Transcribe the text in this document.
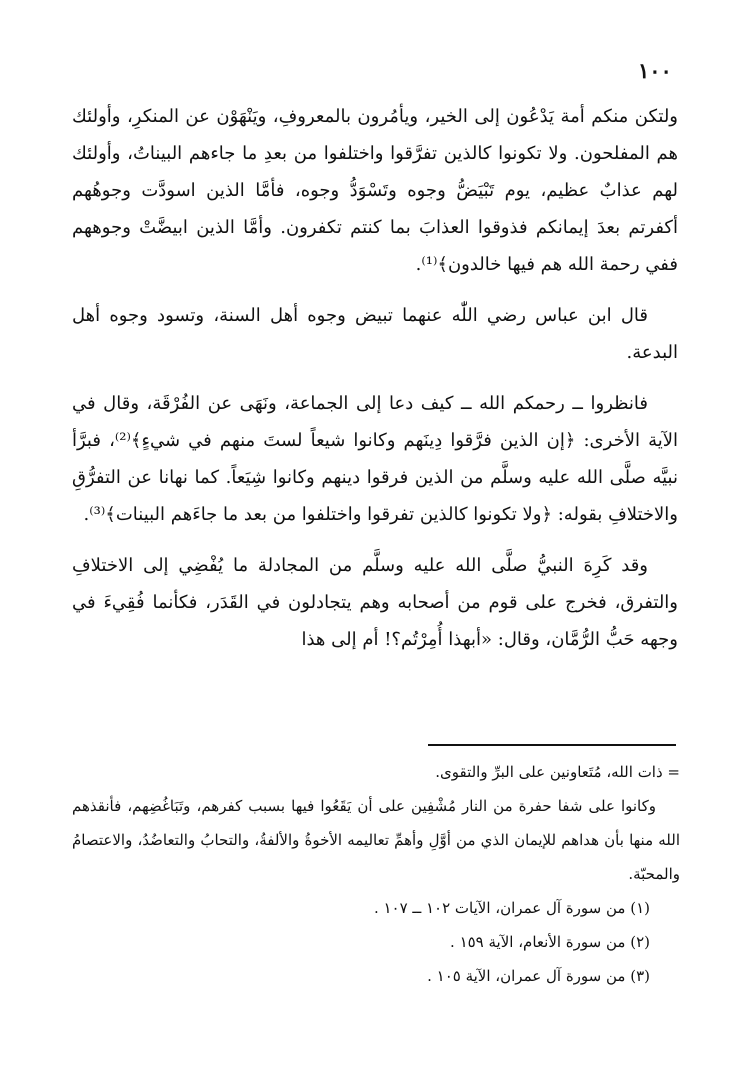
١٠٠

ولتكن منكم أمة يَدْعُون إلى الخير، ويأمُرون بالمعروفِ، ويَنْهَوْن عن المنكرِ، وأولئك هم المفلحون. ولا تكونوا كالذين تفرَّقوا واختلفوا من بعدِ ما جاءهم البيناتُ، وأولئك لهم عذابٌ عظيم، يوم تَبْيَضُّ وجوه وتَسْوَدُّ وجوه، فأمَّا الذين اسودَّت وجوهُهم أكفرتم بعدَ إيمانكم فذوقوا العذابَ بما كنتم تكفرون. وأمَّا الذين ابيضَّتْ وجوههم ففي رحمة الله هم فيها خالدون﴾⁽¹⁾.

قال ابن عباس رضي اللّٰه عنهما تبيض وجوه أهل السنة، وتسود وجوه أهل البدعة.

فانظروا ــ رحمكم الله ــ كيف دعا إلى الجماعة، ونَهَى عن الفُرْقَة، وقال في الآية الأخرى: ﴿إن الذين فرَّقوا دِينَهم وكانوا شيعاً لستَ منهم في شيءٍ﴾⁽²⁾، فبرَّأ نبيَّه صلَّى الله عليه وسلَّم من الذين فرقوا دينهم وكانوا شِيَعاً. كما نهانا عن التفرُّقِ والاختلافِ بقوله: ﴿ولا تكونوا كالذين تفرقوا واختلفوا من بعد ما جاءَهم البينات﴾⁽³⁾.

وقد كَرِهَ النبيُّ صلَّى الله عليه وسلَّم من المجادلة ما يُفْضِي إلى الاختلافِ والتفرق، فخرج على قوم من أصحابه وهم يتجادلون في القَدَر، فكأنما فُقِيءَ في وجهه حَبُّ الرُّمَّان، وقال: «أبهذا أُمِرْتُم؟! أم إلى هذا

= ذات الله، مُتَعاونين على البرِّ والتقوى.

وكانوا على شفا حفرة من النار مُشْفِين على أن يَقَعُوا فيها بسبب كفرهم، وتَبَاغُضِهم، فأنقذهم الله منها بأن هداهم للإيمان الذي من أوَّلِ وأهمِّ تعاليمه الأخوةُ والألفةُ، والتحابُ والتعاضُدُ، والاعتصامُ والمحبّة.

(١) من سورة آل عمران، الآيات ١٠٢ ــ ١٠٧ .

(٢) من سورة الأنعام، الآية ١٥٩ .

(٣) من سورة آل عمران، الآية ١٠٥ .
